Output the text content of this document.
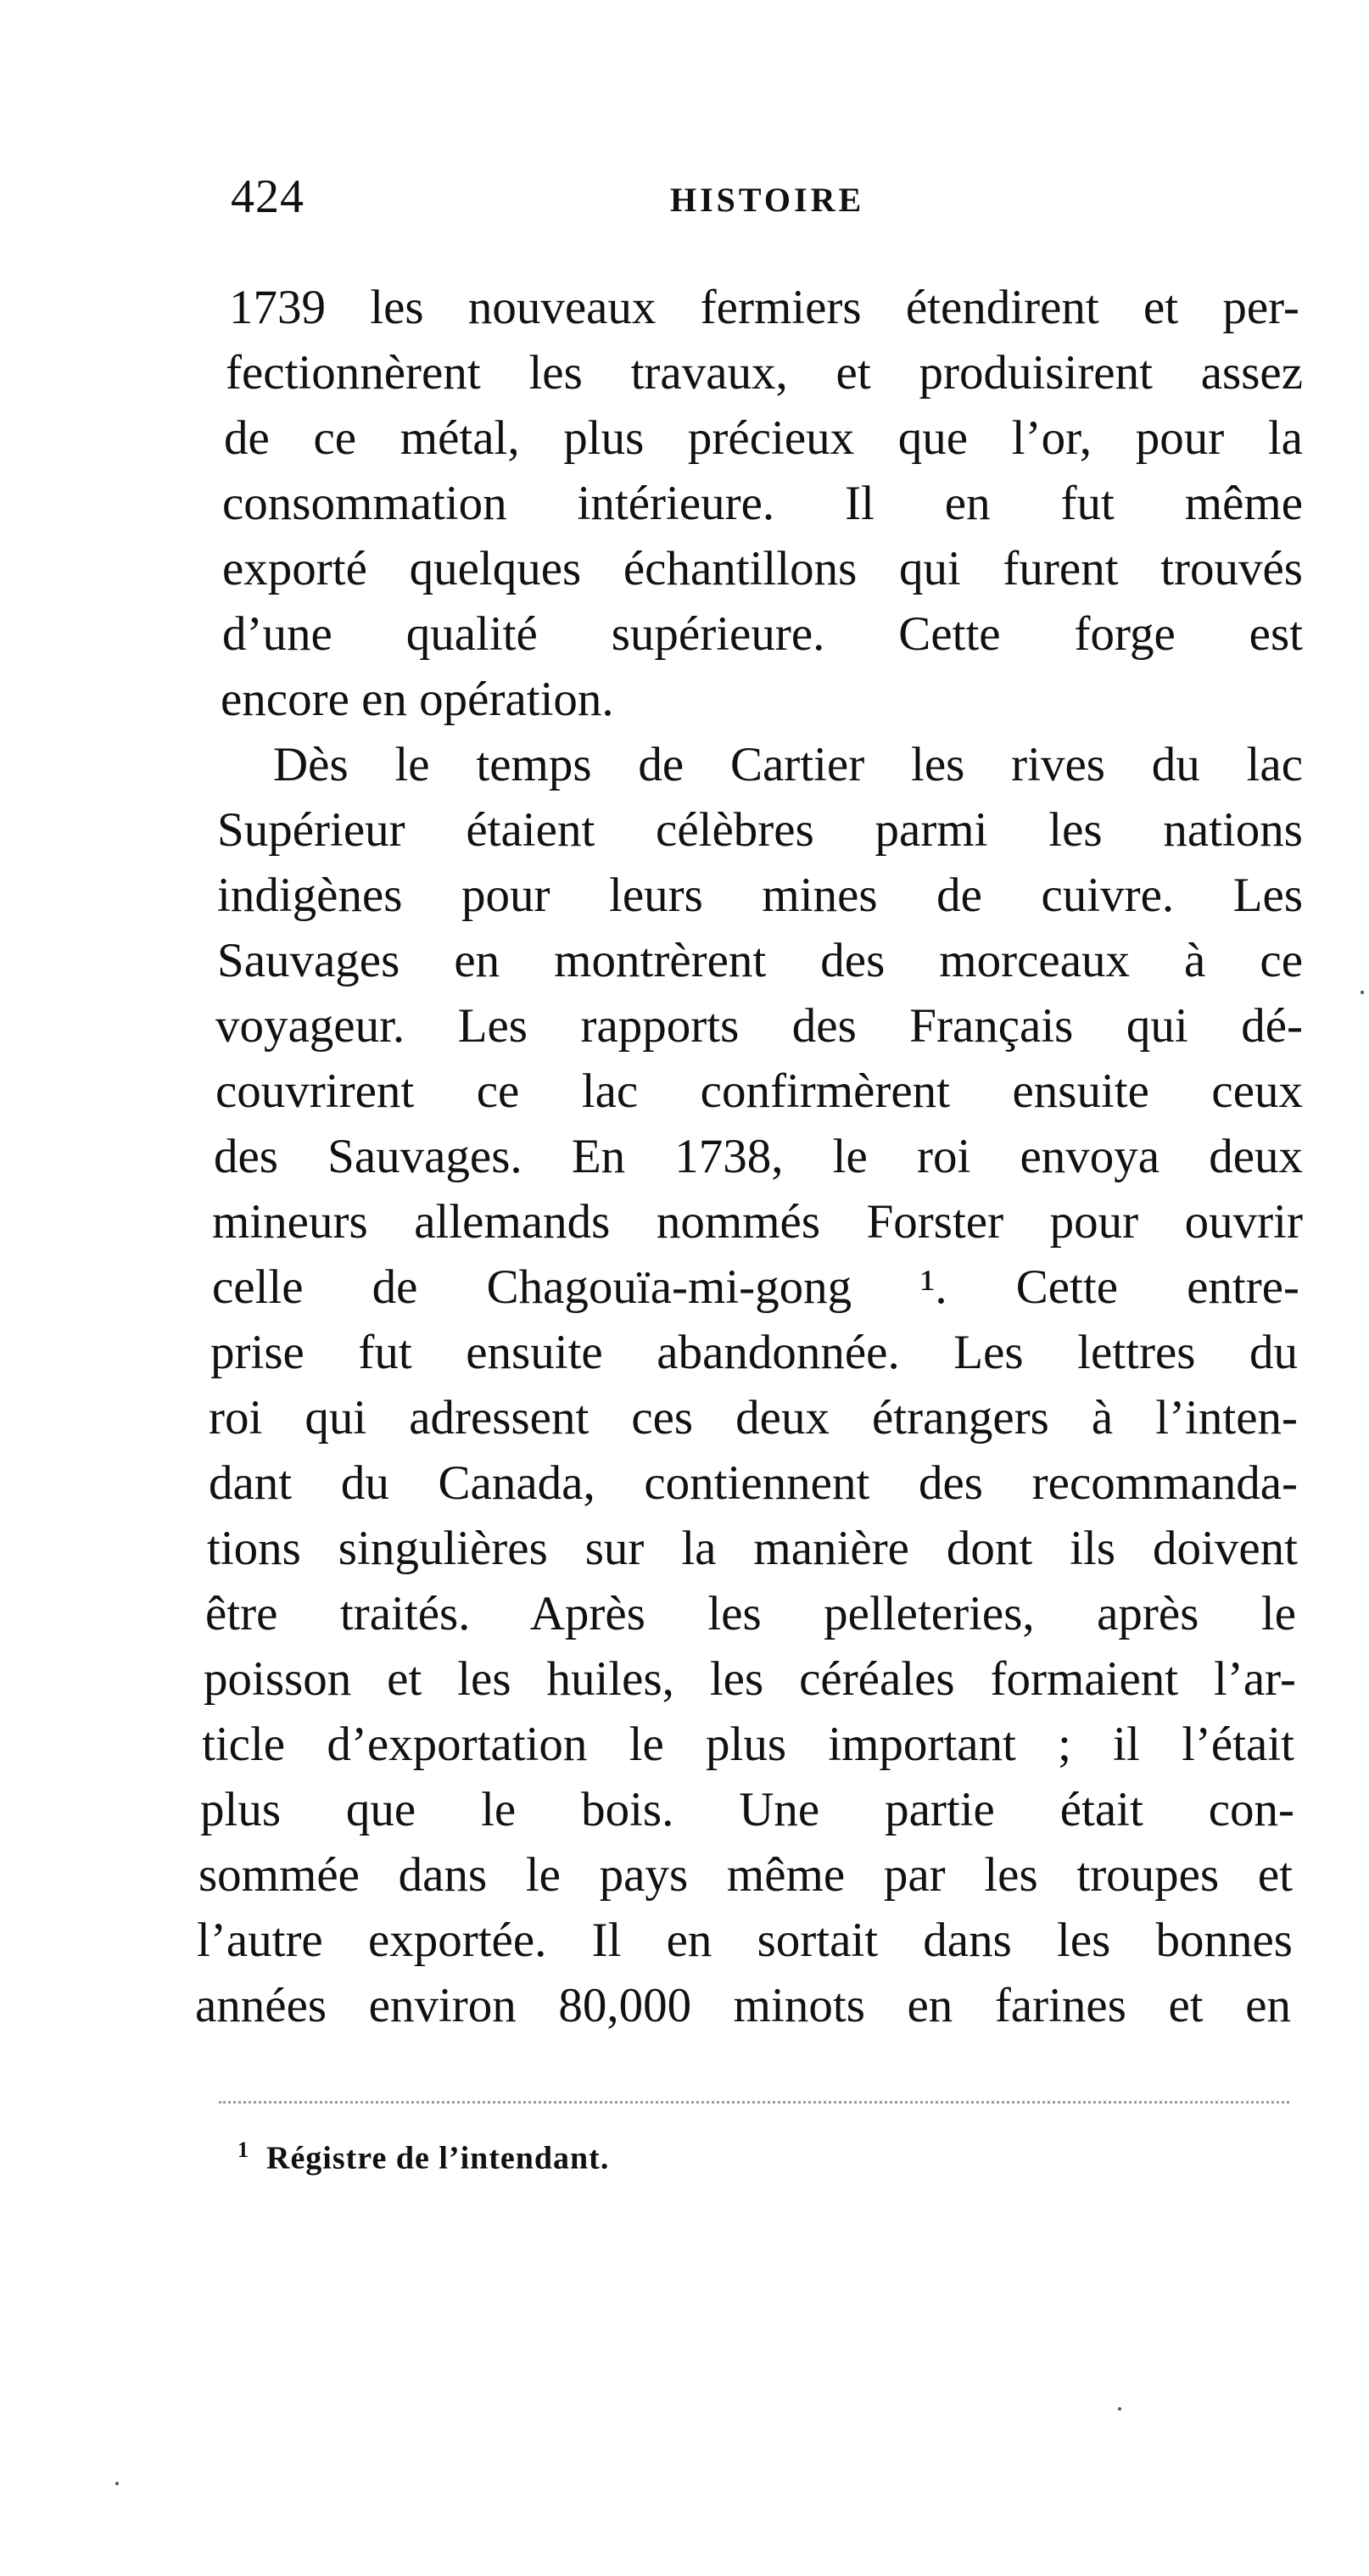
424	HISTOIRE
1739 les nouveaux fermiers étendirent et per-
fectionnèrent les travaux, et produisirent assez
de ce métal, plus précieux que l’or, pour la
consommation intérieure. Il en fut même
exporté quelques échantillons qui furent trouvés
d’une qualité supérieure. Cette forge est
encore en opération.
Dès le temps de Cartier les rives du lac
Supérieur étaient célèbres parmi les nations
indigènes pour leurs mines de cuivre. Les
Sauvages en montrèrent des morceaux à ce
voyageur. Les rapports des Français qui dé-
couvrirent ce lac confirmèrent ensuite ceux
des Sauvages. En 1738, le roi envoya deux
mineurs allemands nommés Forster pour ouvrir
celle de Chagouïa-mi-gong ¹. Cette entre-
prise fut ensuite abandonnée. Les lettres du
roi qui adressent ces deux étrangers à l’inten-
dant du Canada, contiennent des recommanda-
tions singulières sur la manière dont ils doivent
être traités. Après les pelleteries, après le
poisson et les huiles, les céréales formaient l’ar-
ticle d’exportation le plus important ; il l’était
plus que le bois. Une partie était con-
sommée dans le pays même par les troupes et
l’autre exportée. Il en sortait dans les bonnes
années environ 80,000 minots en farines et en
$^1$ Régistre de l’intendant.
